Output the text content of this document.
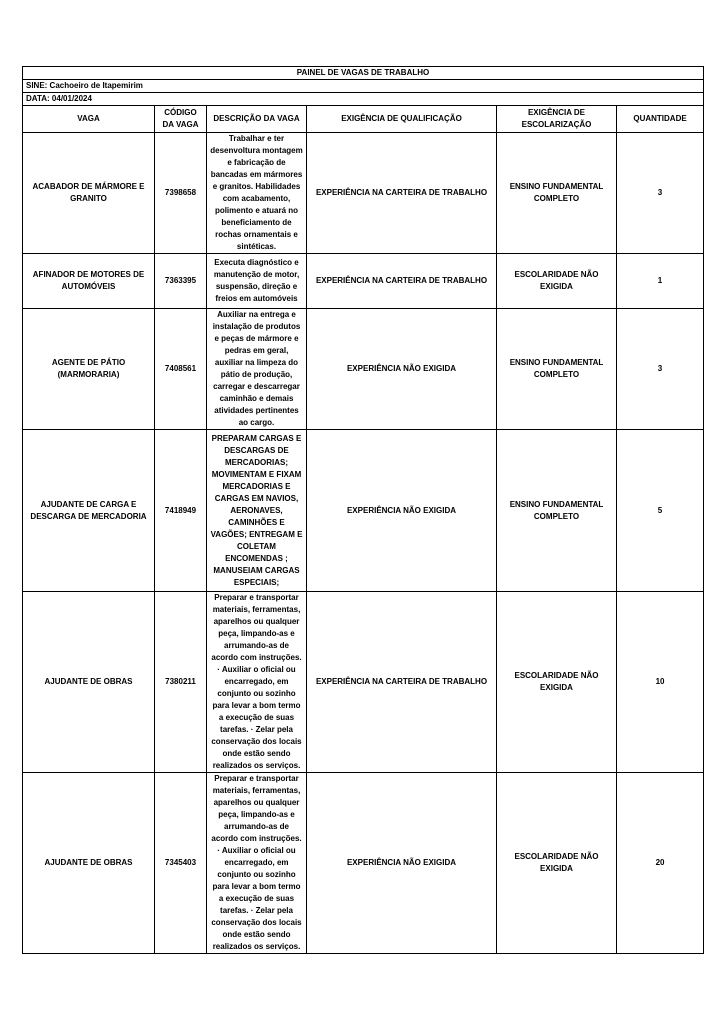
PAINEL DE VAGAS DE TRABALHO					
SINE: Cachoeiro de Itapemirim					
DATA: 04/01/2024					
VAGA	CÓDIGO DA VAGA	DESCRIÇÃO DA VAGA	EXIGÊNCIA DE QUALIFICAÇÃO	EXIGÊNCIA DE ESCOLARIZAÇÃO	QUANTIDADE
ACABADOR DE MÁRMORE E GRANITO	7398658	Trabalhar e ter desenvoltura montagem e fabricação de bancadas em mármores e granitos. Habilidades com acabamento, polimento e atuará no beneficiamento de rochas ornamentais e sintéticas.	EXPERIÊNCIA NA CARTEIRA DE TRABALHO	ENSINO FUNDAMENTAL COMPLETO	3
AFINADOR DE MOTORES DE AUTOMÓVEIS	7363395	Executa diagnóstico e manutenção de motor, suspensão, direção e freios em automóveis	EXPERIÊNCIA NA CARTEIRA DE TRABALHO	ESCOLARIDADE NÃO EXIGIDA	1
AGENTE DE PÁTIO (MARMORARIA)	7408561	Auxiliar na entrega e instalação de produtos e peças de mármore e pedras em geral, auxiliar na limpeza do pátio de produção, carregar e descarregar caminhão e demais atividades pertinentes ao cargo.	EXPERIÊNCIA NÃO EXIGIDA	ENSINO FUNDAMENTAL COMPLETO	3
AJUDANTE DE CARGA E DESCARGA DE MERCADORIA	7418949	PREPARAM CARGAS E DESCARGAS DE MERCADORIAS; MOVIMENTAM E FIXAM MERCADORIAS E CARGAS EM NAVIOS, AERONAVES, CAMINHÕES E VAGÕES; ENTREGAM E COLETAM ENCOMENDAS ; MANUSEIAM CARGAS ESPECIAIS;	EXPERIÊNCIA NÃO EXIGIDA	ENSINO FUNDAMENTAL COMPLETO	5
AJUDANTE DE OBRAS	7380211	Preparar e transportar materiais, ferramentas, aparelhos ou qualquer peça, limpando-as e arrumando-as de acordo com instruções. · Auxiliar o oficial ou encarregado, em conjunto ou sozinho para levar a bom termo a execução de suas tarefas. · Zelar pela conservação dos locais onde estão sendo realizados os serviços.	EXPERIÊNCIA NA CARTEIRA DE TRABALHO	ESCOLARIDADE NÃO EXIGIDA	10
AJUDANTE DE OBRAS	7345403	Preparar e transportar materiais, ferramentas, aparelhos ou qualquer peça, limpando-as e arrumando-as de acordo com instruções. · Auxiliar o oficial ou encarregado, em conjunto ou sozinho para levar a bom termo a execução de suas tarefas. · Zelar pela conservação dos locais onde estão sendo realizados os serviços.	EXPERIÊNCIA NÃO EXIGIDA	ESCOLARIDADE NÃO EXIGIDA	20
